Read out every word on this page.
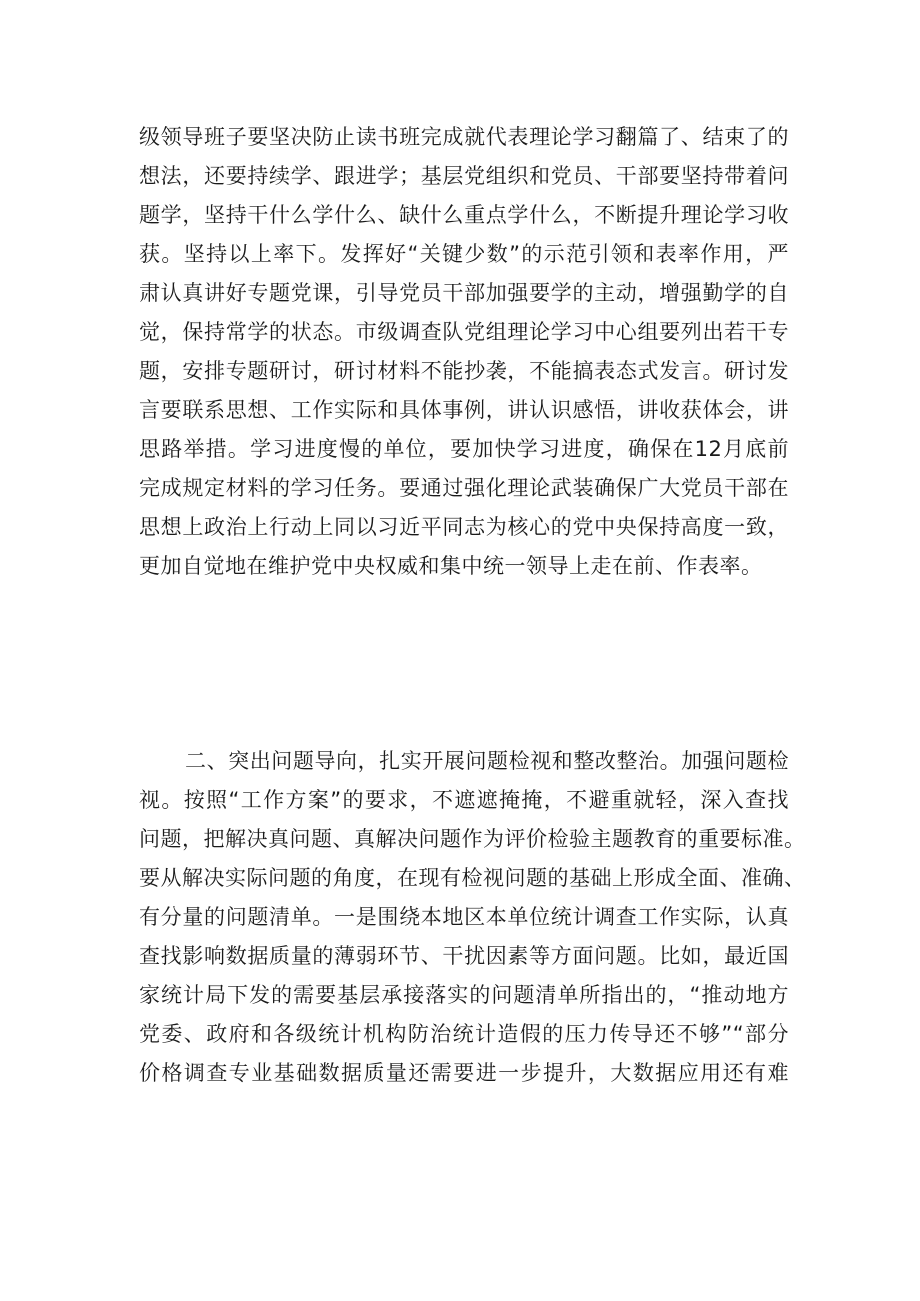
级领导班子要坚决防止读书班完成就代表理论学习翻篇了、结束了的
想法，还要持续学、跟进学；基层党组织和党员、干部要坚持带着问
题学，坚持干什么学什么、缺什么重点学什么，不断提升理论学习收
获。坚持以上率下。发挥好“关键少数”的示范引领和表率作用，严
肃认真讲好专题党课，引导党员干部加强要学的主动，增强勤学的自
觉，保持常学的状态。市级调查队党组理论学习中心组要列出若干专
题，安排专题研讨，研讨材料不能抄袭，不能搞表态式发言。研讨发
言要联系思想、工作实际和具体事例，讲认识感悟，讲收获体会，讲
思路举措。学习进度慢的单位，要加快学习进度，确保在12月底前
完成规定材料的学习任务。要通过强化理论武装确保广大党员干部在
思想上政治上行动上同以习近平同志为核心的党中央保持高度一致，
更加自觉地在维护党中央权威和集中统一领导上走在前、作表率。
二、突出问题导向，扎实开展问题检视和整改整治。加强问题检
视。按照“工作方案”的要求，不遮遮掩掩，不避重就轻，深入查找
问题，把解决真问题、真解决问题作为评价检验主题教育的重要标准。
要从解决实际问题的角度，在现有检视问题的基础上形成全面、准确、
有分量的问题清单。一是围绕本地区本单位统计调查工作实际，认真
查找影响数据质量的薄弱环节、干扰因素等方面问题。比如，最近国
家统计局下发的需要基层承接落实的问题清单所指出的，“推动地方
党委、政府和各级统计机构防治统计造假的压力传导还不够”“部分
价格调查专业基础数据质量还需要进一步提升，大数据应用还有难
